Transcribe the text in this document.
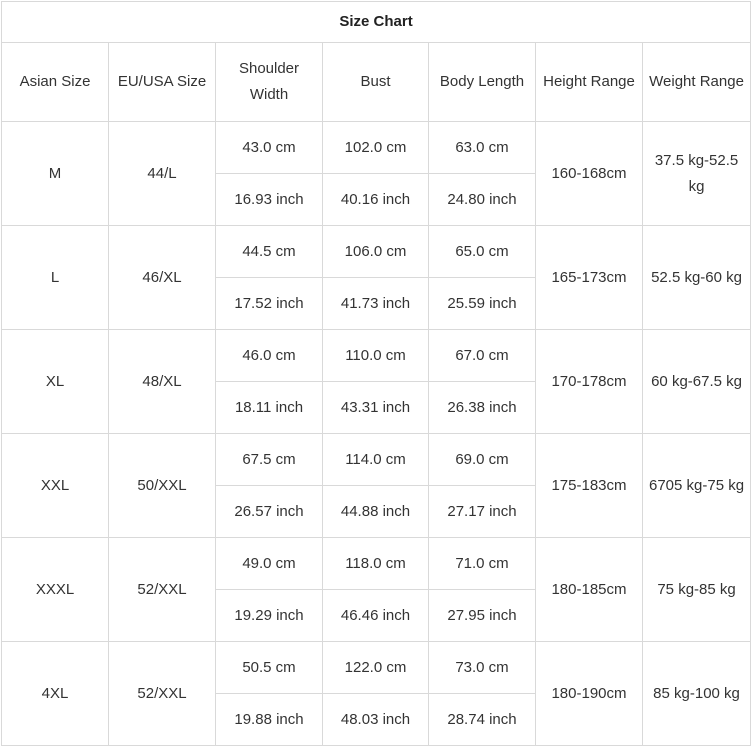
Size Chart						
Asian Size	EU/USA Size	Shoulder Width	Bust	Body Length	Height Range	Weight Range
M	44/L	43.0 cm	102.0 cm	63.0 cm	160-168cm	37.5 kg-52.5 kg

		16.93 inch	40.16 inch	24.80 inch		
L	46/XL	44.5 cm	106.0 cm	65.0 cm	165-173cm	52.5 kg-60 kg

		17.52 inch	41.73 inch	25.59 inch		
XL	48/XL	46.0 cm	110.0 cm	67.0 cm	170-178cm	60 kg-67.5 kg

		18.11 inch	43.31 inch	26.38 inch		
XXL	50/XXL	67.5 cm	114.0 cm	69.0 cm	175-183cm	6705 kg-75 kg

		26.57 inch	44.88 inch	27.17 inch		
XXXL	52/XXL	49.0 cm	118.0 cm	71.0 cm	180-185cm	75 kg-85 kg

		19.29 inch	46.46 inch	27.95 inch		
4XL	52/XXL	50.5 cm	122.0 cm	73.0 cm	180-190cm	85 kg-100 kg

		19.88 inch	48.03 inch	28.74 inch		
